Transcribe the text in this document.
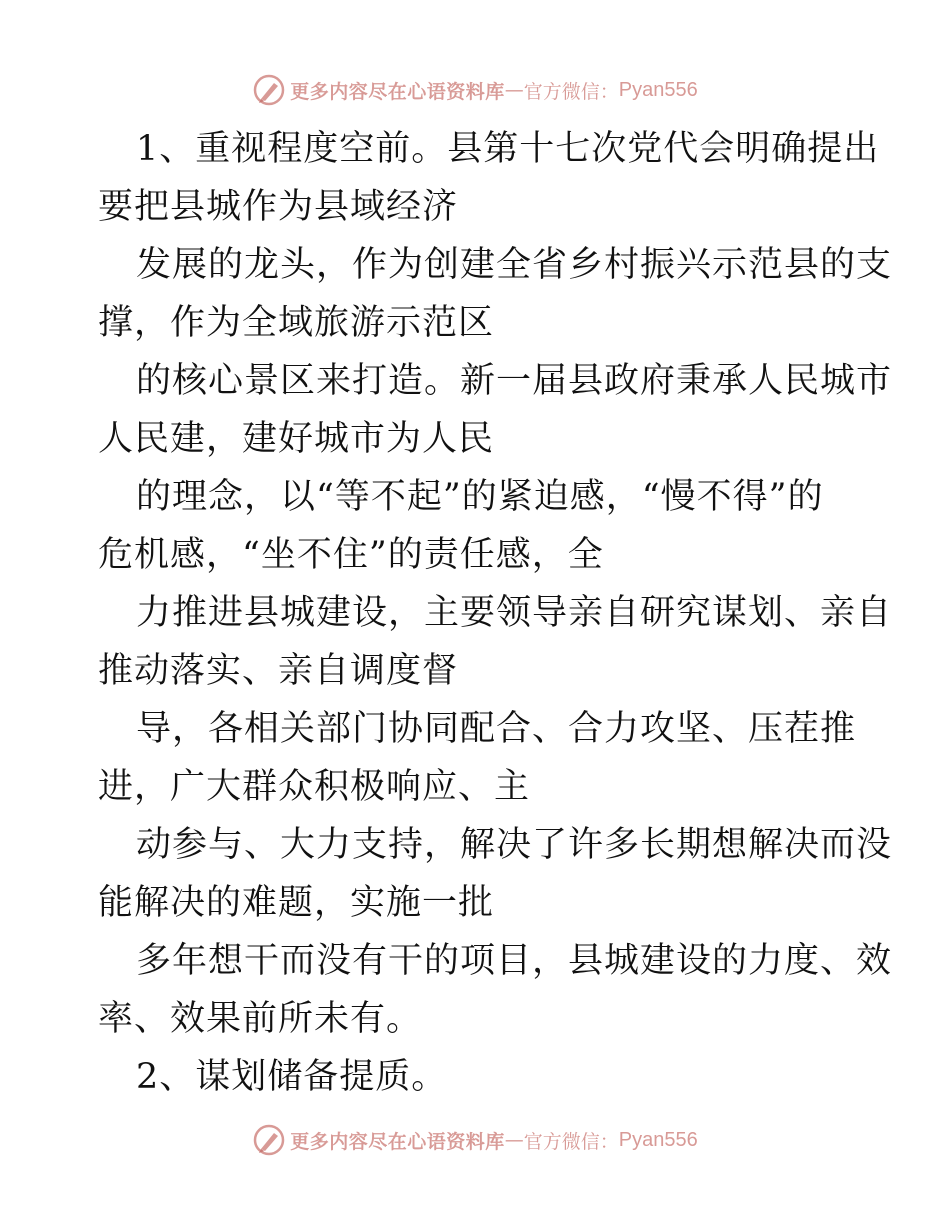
更多内容尽在心语资料库 — 官方微信： Pyan556
1、重视程度空前。县第十七次党代会明确提出
要把县城作为县域经济
发展的龙头，作为创建全省乡村振兴示范县的支
撑，作为全域旅游示范区
的核心景区来打造。新一届县政府秉承人民城市
人民建，建好城市为人民
的理念，以“等不起”的紧迫感，“慢不得”的
危机感，“坐不住”的责任感，全
力推进县城建设，主要领导亲自研究谋划、亲自
推动落实、亲自调度督
导，各相关部门协同配合、合力攻坚、压茬推
进，广大群众积极响应、主
动参与、大力支持，解决了许多长期想解决而没
能解决的难题，实施一批
多年想干而没有干的项目，县城建设的力度、效
率、效果前所未有。
2、谋划储备提质。
更多内容尽在心语资料库 — 官方微信： Pyan556
